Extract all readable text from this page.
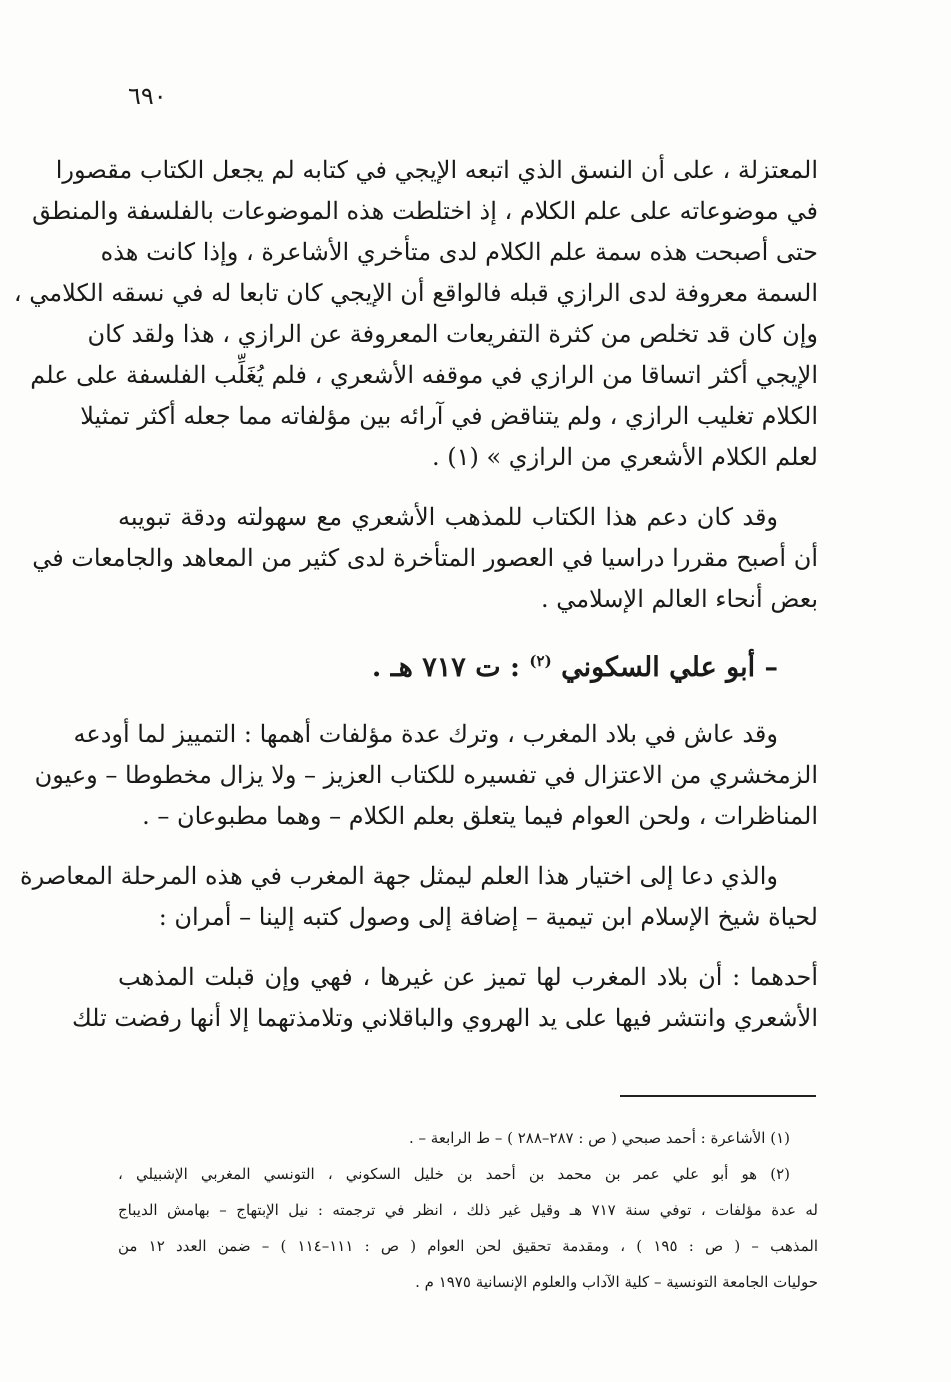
٦٩٠
المعتزلة ، على أن النسق الذي اتبعه الإيجي في كتابه لم يجعل الكتاب مقصورا
في موضوعاته على علم الكلام ، إذ اختلطت هذه الموضوعات بالفلسفة والمنطق
حتى أصبحت هذه سمة علم الكلام لدى متأخري الأشاعرة ، وإذا كانت هذه
السمة معروفة لدى الرازي قبله فالواقع أن الإيجي كان تابعا له في نسقه الكلامي ،
وإن كان قد تخلص من كثرة التفريعات المعروفة عن الرازي ، هذا ولقد كان
الإيجي أكثر اتساقا من الرازي في موقفه الأشعري ، فلم يُغَلِّب الفلسفة على علم
الكلام تغليب الرازي ، ولم يتناقض في آرائه بين مؤلفاته مما جعله أكثر تمثيلا
لعلم الكلام الأشعري من الرازي » (١) .
وقد كان دعم هذا الكتاب للمذهب الأشعري مع سهولته ودقة تبويبه
أن أصبح مقررا دراسيا في العصور المتأخرة لدى كثير من المعاهد والجامعات في
بعض أنحاء العالم الإسلامي .
– أبو علي السكوني $^{(٢)}$ : ت ٧١٧ هـ .
وقد عاش في بلاد المغرب ، وترك عدة مؤلفات أهمها : التمييز لما أودعه
الزمخشري من الاعتزال في تفسيره للكتاب العزيز – ولا يزال مخطوطا – وعيون
المناظرات ، ولحن العوام فيما يتعلق بعلم الكلام – وهما مطبوعان – .
والذي دعا إلى اختيار هذا العلم ليمثل جهة المغرب في هذه المرحلة المعاصرة
لحياة شيخ الإسلام ابن تيمية – إضافة إلى وصول كتبه إلينا – أمران :
أحدهما : أن بلاد المغرب لها تميز عن غيرها ، فهي وإن قبلت المذهب
الأشعري وانتشر فيها على يد الهروي والباقلاني وتلامذتهما إلا أنها رفضت تلك
(١) الأشاعرة : أحمد صبحي ( ص : ٢٨٧–٢٨٨ ) – ط الرابعة – .
(٢) هو أبو علي عمر بن محمد بن أحمد بن خليل السكوني ، التونسي المغربي الإشبيلي ،
له عدة مؤلفات ، توفي سنة ٧١٧ هـ وقيل غير ذلك ، انظر في ترجمته : نيل الإبتهاج – بهامش الديباج
المذهب – ( ص : ١٩٥ ) ، ومقدمة تحقيق لحن العوام ( ص : ١١١–١١٤ ) – ضمن العدد ١٢ من
حوليات الجامعة التونسية – كلية الآداب والعلوم الإنسانية ١٩٧٥ م .
